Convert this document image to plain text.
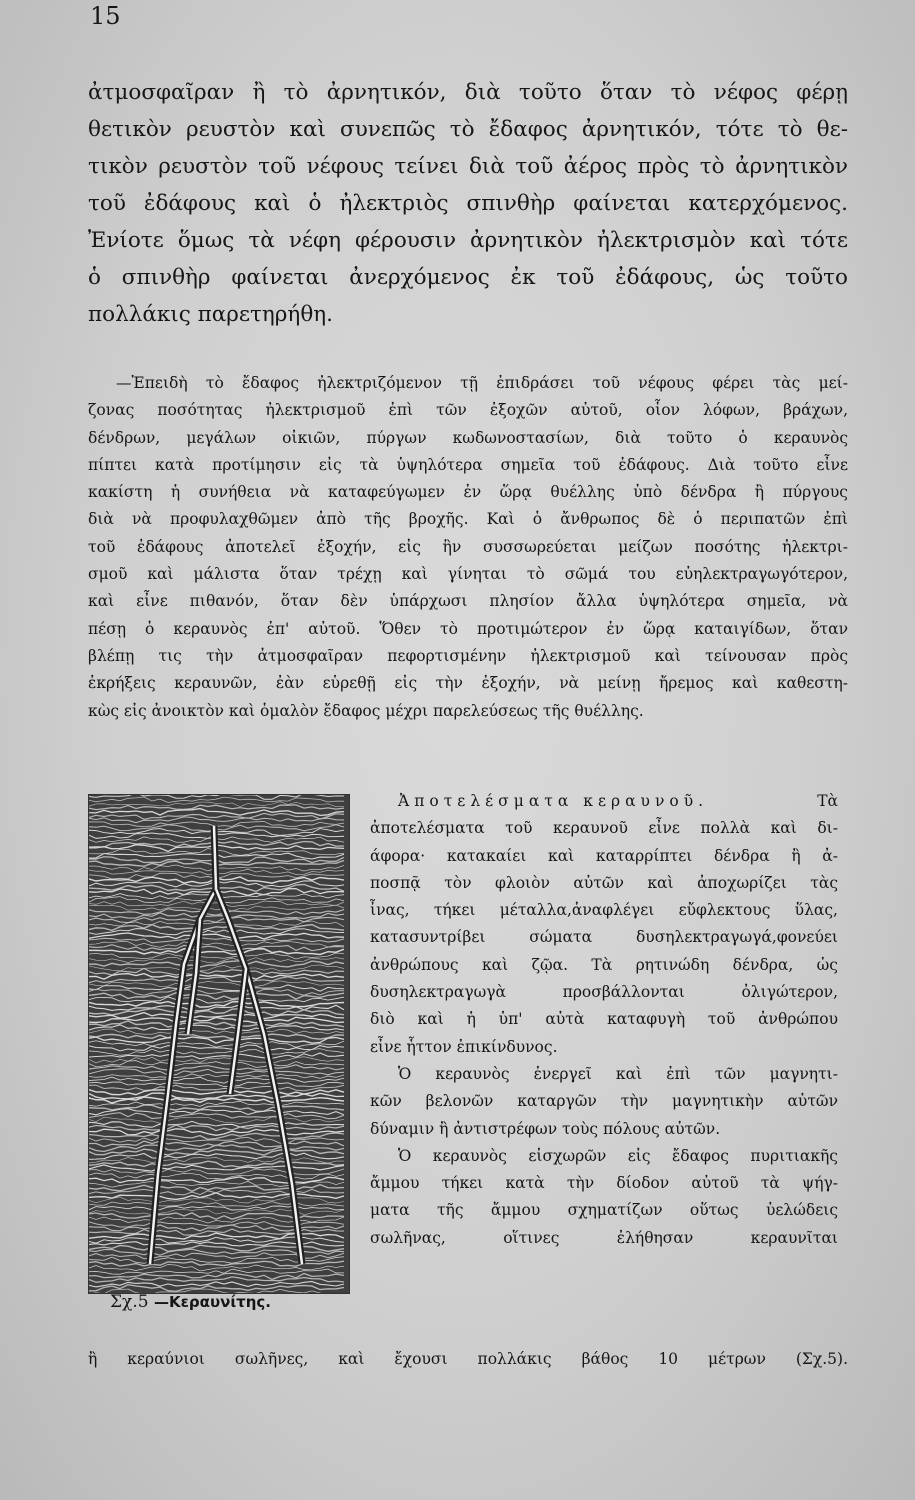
15

ἀτμοσφαῖραν ἢ τὸ ἀρνητικόν, διὰ τοῦτο ὅταν τὸ νέφος φέρῃ

θετικὸν ρευστὸν καὶ συνεπῶς τὸ ἔδαφος ἀρνητικόν, τότε τὸ θε-

τικὸν ρευστὸν τοῦ νέφους τείνει διὰ τοῦ ἀέρος πρὸς τὸ ἀρνητικὸν

τοῦ ἐδάφους καὶ ὁ ἠλεκτριὸς σπινθὴρ φαίνεται κατερχόμενος.

Ἐνίοτε ὅμως τὰ νέφη φέρουσιν ἀρνητικὸν ἠλεκτρισμὸν καὶ τότε

ὁ σπινθὴρ φαίνεται ἀνερχόμενος ἐκ τοῦ ἐδάφους, ὡς τοῦτο

πολλάκις παρετηρήθη.

—Ἐπειδὴ τὸ ἔδαφος ἠλεκτριζόμενον τῇ ἐπιδράσει τοῦ νέφους φέρει τὰς μεί-

ζονας ποσότητας ἠλεκτρισμοῦ ἐπὶ τῶν ἐξοχῶν αὐτοῦ, οἷον λόφων, βράχων,

δένδρων, μεγάλων οἰκιῶν, πύργων κωδωνοστασίων, διὰ τοῦτο ὁ κεραυνὸς

πίπτει κατὰ προτίμησιν εἰς τὰ ὑψηλότερα σημεῖα τοῦ ἐδάφους. Διὰ τοῦτο εἶνε

κακίστη ἡ συνήθεια νὰ καταφεύγωμεν ἐν ὥρᾳ θυέλλης ὑπὸ δένδρα ἢ πύργους

διὰ νὰ προφυλαχθῶμεν ἀπὸ τῆς βροχῆς. Καὶ ὁ ἄνθρωπος δὲ ὁ περιπατῶν ἐπὶ

τοῦ ἐδάφους ἀποτελεῖ ἐξοχήν, εἰς ἣν συσσωρεύεται μείζων ποσότης ἠλεκτρι-

σμοῦ καὶ μάλιστα ὅταν τρέχῃ καὶ γίνηται τὸ σῶμά του εὐηλεκτραγωγότερον,

καὶ εἶνε πιθανόν, ὅταν δὲν ὑπάρχωσι πλησίον ἄλλα ὑψηλότερα σημεῖα, νὰ

πέσῃ ὁ κεραυνὸς ἐπ' αὐτοῦ. Ὅθεν τὸ προτιμώτερον ἐν ὥρᾳ καταιγίδων, ὅταν

βλέπῃ τις τὴν ἀτμοσφαῖραν πεφορτισμένην ἠλεκτρισμοῦ καὶ τείνουσαν πρὸς

ἐκρήξεις κεραυνῶν, ἐὰν εὑρεθῇ εἰς τὴν ἐξοχήν, νὰ μείνῃ ἤρεμος καὶ καθεστη-

κὼς εἰς ἀνοικτὸν καὶ ὁμαλὸν ἔδαφος μέχρι παρελεύσεως τῆς θυέλλης.

Σχ.5 —Κεραυνίτης.

Ἀποτελέσματα κεραυνοῦ.	Τὰ

ἀποτελέσματα τοῦ κεραυνοῦ εἶνε πολλὰ καὶ δι-

άφορα· κατακαίει καὶ καταρρίπτει δένδρα ἢ ἀ-

ποσπᾷ τὸν φλοιὸν αὐτῶν καὶ ἀποχωρίζει τὰς

ἶνας, τήκει μέταλλα,ἀναφλέγει εὔφλεκτους ὕλας,

κατασυντρίβει σώματα δυσηλεκτραγωγά,φονεύει

ἀνθρώπους καὶ ζῷα. Τὰ ρητινώδη δένδρα, ὡς

δυσηλεκτραγωγὰ προσβάλλονται ὀλιγώτερον,

διὸ καὶ ἡ ὑπ' αὐτὰ καταφυγὴ τοῦ ἀνθρώπου

εἶνε ἧττον ἐπικίνδυνος.

Ὁ κεραυνὸς ἐνεργεῖ καὶ ἐπὶ τῶν μαγνητι-

κῶν βελονῶν καταργῶν τὴν μαγνητικὴν αὐτῶν

δύναμιν ἢ ἀντιστρέφων τοὺς πόλους αὐτῶν.

Ὁ κεραυνὸς εἰσχωρῶν εἰς ἔδαφος πυριτιακῆς

ἄμμου τήκει κατὰ τὴν δίοδον αὐτοῦ τὰ ψήγ-

ματα τῆς ἄμμου σχηματίζων οὕτως ὑελώδεις

σωλῆνας, οἵτινες ἐλήθησαν κεραυνῖται

ἢ κεραύνιοι σωλῆνες, καὶ ἔχουσι πολλάκις βάθος 10 μέτρων (Σχ.5).
